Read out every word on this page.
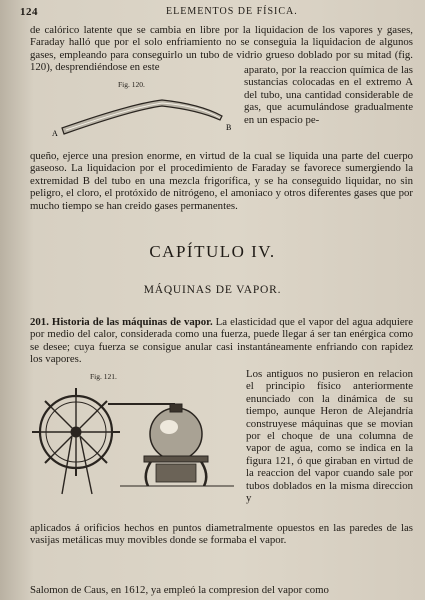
124	ELEMENTOS DE FÍSICA.
de calórico latente que se cambia en libre por la liquidacion de los vapores y gases, Faraday halló que por el solo enfriamiento no se conseguia la liquidacion de algunos gases, empleando para conseguirlo un tubo de vidrio grueso doblado por su mitad (fig. 120), desprendiéndose en este
Fig. 120.
A
B
aparato, por la reaccion química de las sustancias colocadas en el extremo A del tubo, una cantidad considerable de gas, que acumulándose gradualmente en un espacio pe-
queño, ejerce una presion enorme, en virtud de la cual se liquida una parte del cuerpo gaseoso. La liquidacion por el procedimiento de Faraday se favorece sumergiendo la extremidad B del tubo en una mezcla frigorífica, y se ha conseguido liquidar, no sin peligro, el cloro, el protóxido de nitrógeno, el amoniaco y otros diferentes gases que por mucho tiempo se han creido gases permanentes.
CAPÍTULO IV.
MÁQUINAS DE VAPOR.
201. Historia de las máquinas de vapor. La elasticidad que el vapor del agua adquiere por medio del calor, considerada como una fuerza, puede llegar á ser tan enérgica como se desee; cuya fuerza se consigue anular casi instantáneamente enfriando con rapidez los vapores.
Fig. 121.	Los antiguos no pusieron en relacion el principio físico anteriormente enunciado con la dinámica de su tiempo, aunque Heron de Alejandría construyese máquinas que se movian por el choque de una columna de vapor de agua, como se indica en la figura 121, ó que giraban en virtud de la reaccion del vapor cuando sale por tubos doblados en la misma direccion y
aplicados á orificios hechos en puntos diametralmente opuestos en las paredes de las vasijas metálicas muy movibles donde se formaba el vapor.
Salomon de Caus, en 1612, ya empleó la compresion del vapor como
